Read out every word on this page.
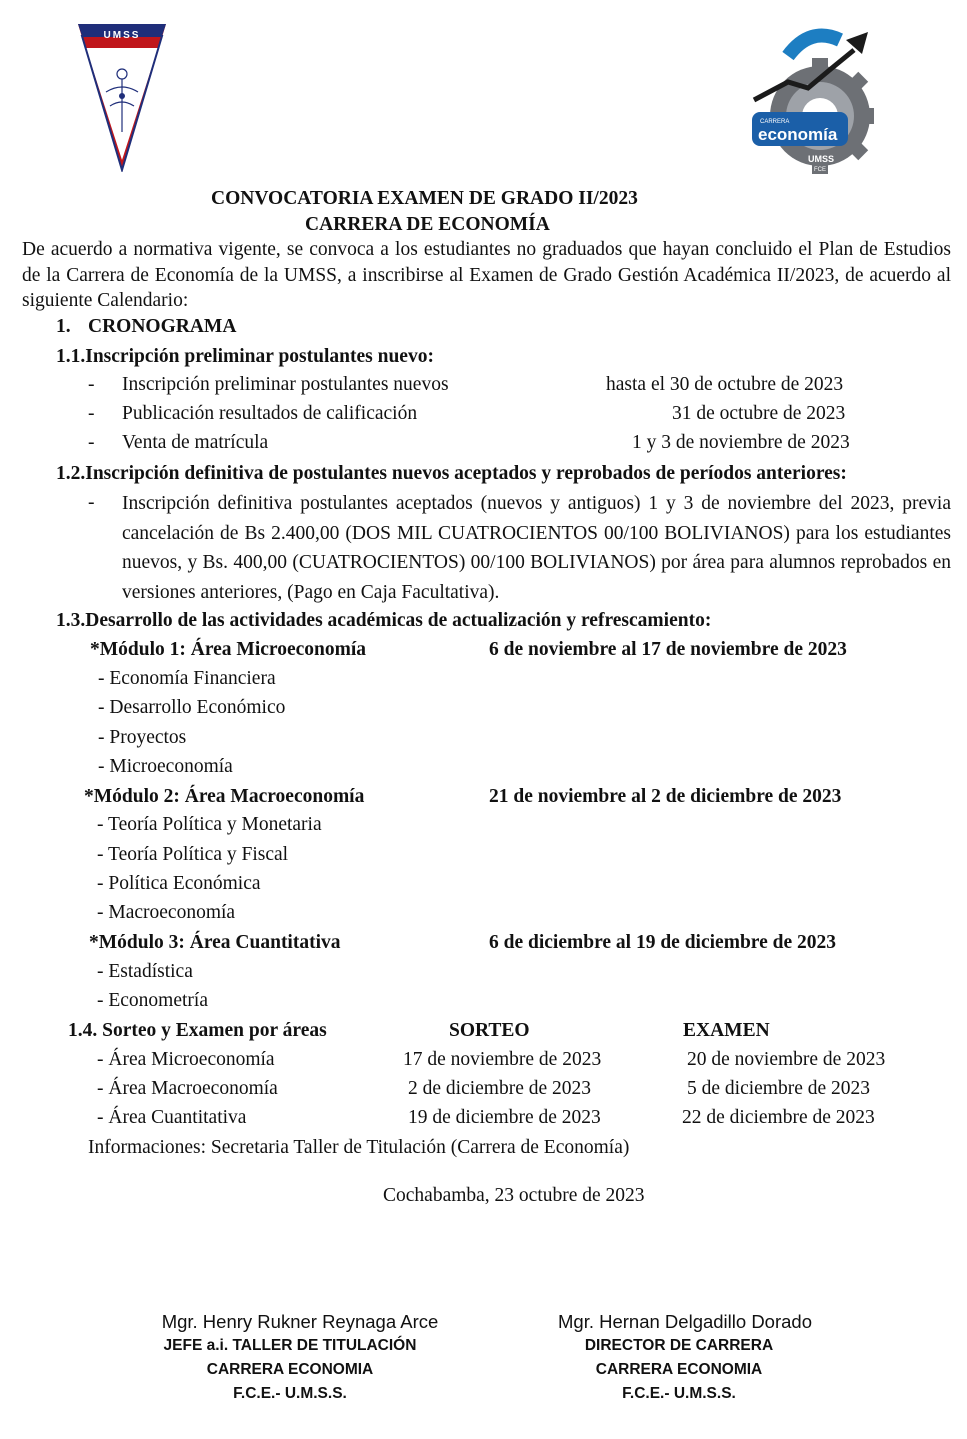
UMSS
CARRERA
economía
UMSS
FCE
CONVOCATORIA EXAMEN DE GRADO II/2023
CARRERA DE ECONOMÍA
De acuerdo a normativa vigente, se convoca a los estudiantes no graduados que hayan concluido el Plan de Estudios de la Carrera de Economía de la UMSS, a inscribirse al Examen de Grado Gestión Académica II/2023, de acuerdo al siguiente Calendario:
1. CRONOGRAMA
1.1.Inscripción preliminar postulantes nuevo:
- Inscripción preliminar postulantes nuevos	hasta el 30 de octubre de 2023
- Publicación resultados de calificación	31 de octubre de 2023
- Venta de matrícula	1 y 3 de noviembre de 2023
1.2.Inscripción definitiva de postulantes nuevos aceptados y reprobados de períodos anteriores:
- Inscripción definitiva postulantes aceptados (nuevos y antiguos) 1 y 3 de noviembre del 2023, previa cancelación de Bs 2.400,00 (DOS MIL CUATROCIENTOS 00/100 BOLIVIANOS) para los estudiantes nuevos, y Bs. 400,00 (CUATROCIENTOS) 00/100 BOLIVIANOS) por área para alumnos reprobados en versiones anteriores, (Pago en Caja Facultativa).
1.3.Desarrollo de las actividades académicas de actualización y refrescamiento:
*Módulo 1: Área Microeconomía	6 de noviembre al 17 de noviembre de 2023
- Economía Financiera
- Desarrollo Económico
- Proyectos
- Microeconomía
*Módulo 2: Área Macroeconomía	21 de noviembre al 2 de diciembre de 2023
- Teoría Política y Monetaria
- Teoría Política y Fiscal
- Política Económica
- Macroeconomía
*Módulo 3: Área Cuantitativa	6 de diciembre al 19 de diciembre de 2023
- Estadística
- Econometría
1.4. Sorteo y Examen por áreas	SORTEO	EXAMEN
- Área Microeconomía	17 de noviembre de 2023	20 de noviembre de 2023
- Área Macroeconomía	2 de diciembre de 2023	5 de diciembre de 2023
- Área Cuantitativa	19 de diciembre de 2023	22 de diciembre de 2023
Informaciones: Secretaria Taller de Titulación (Carrera de Economía)
Cochabamba, 23 octubre de 2023
Mgr. Henry Rukner Reynaga Arce
JEFE a.i. TALLER DE TITULACIÓN
CARRERA ECONOMIA
F.C.E.- U.M.S.S.
Mgr. Hernan Delgadillo Dorado
DIRECTOR DE CARRERA
CARRERA ECONOMIA
F.C.E.- U.M.S.S.
